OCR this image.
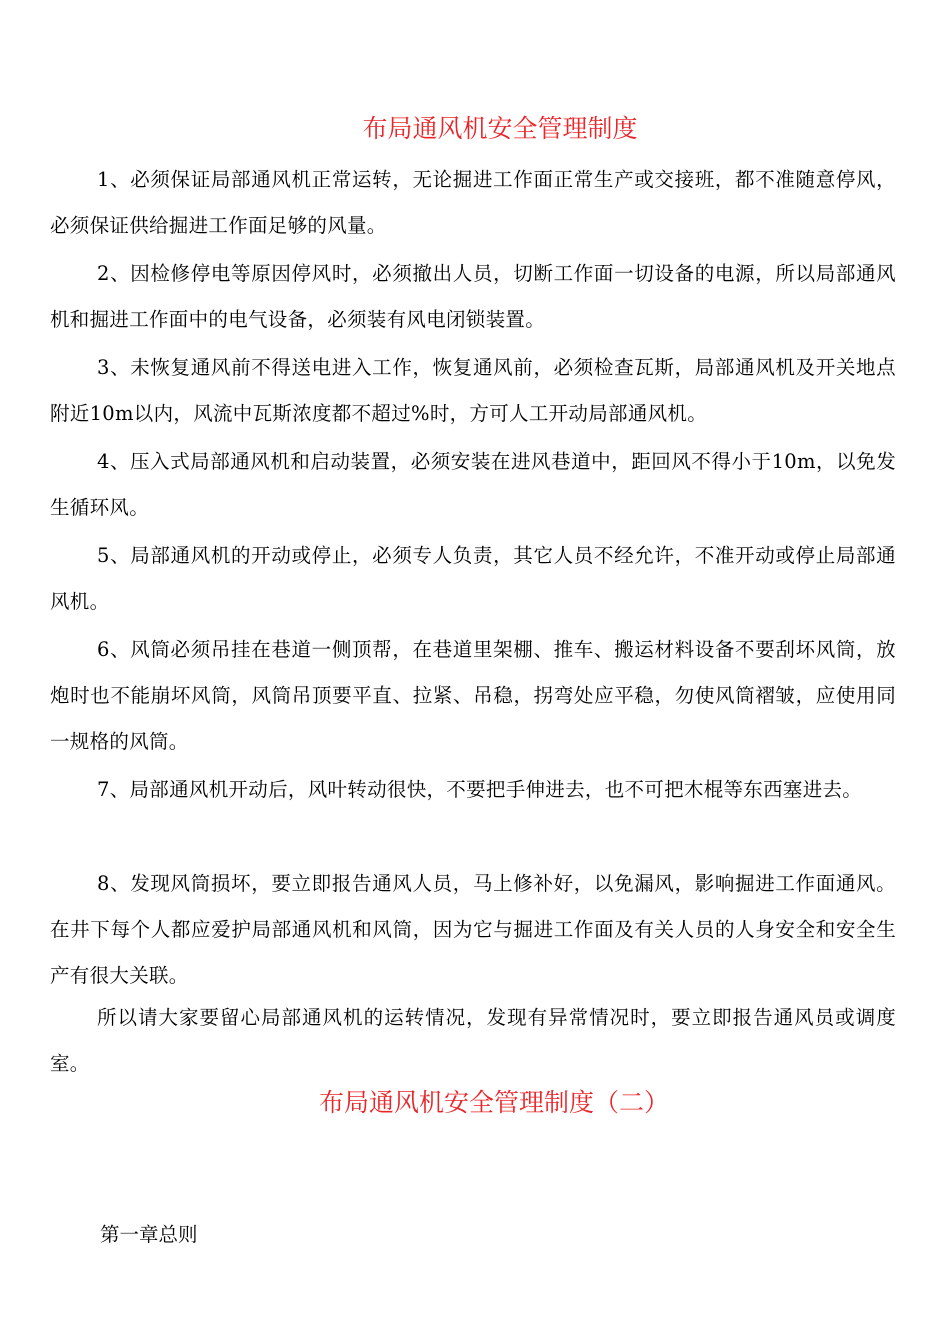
布局通风机安全管理制度
1、必须保证局部通风机正常运转，无论掘进工作面正常生产或交接班，都不准随意停风，必须保证供给掘进工作面足够的风量。
2、因检修停电等原因停风时，必须撤出人员，切断工作面一切设备的电源，所以局部通风机和掘进工作面中的电气设备，必须装有风电闭锁装置。
3、未恢复通风前不得送电进入工作，恢复通风前，必须检查瓦斯，局部通风机及开关地点附近10m以内，风流中瓦斯浓度都不超过%时，方可人工开动局部通风机。
4、压入式局部通风机和启动装置，必须安装在进风巷道中，距回风不得小于10m，以免发生循环风。
5、局部通风机的开动或停止，必须专人负责，其它人员不经允许，不准开动或停止局部通风机。
6、风筒必须吊挂在巷道一侧顶帮，在巷道里架棚、推车、搬运材料设备不要刮坏风筒，放炮时也不能崩坏风筒，风筒吊顶要平直、拉紧、吊稳，拐弯处应平稳，勿使风筒褶皱，应使用同一规格的风筒。
7、局部通风机开动后，风叶转动很快，不要把手伸进去，也不可把木棍等东西塞进去。
8、发现风筒损坏，要立即报告通风人员，马上修补好，以免漏风，影响掘进工作面通风。在井下每个人都应爱护局部通风机和风筒，因为它与掘进工作面及有关人员的人身安全和安全生产有很大关联。
所以请大家要留心局部通风机的运转情况，发现有异常情况时，要立即报告通风员或调度室。
布局通风机安全管理制度（二）
第一章总则
